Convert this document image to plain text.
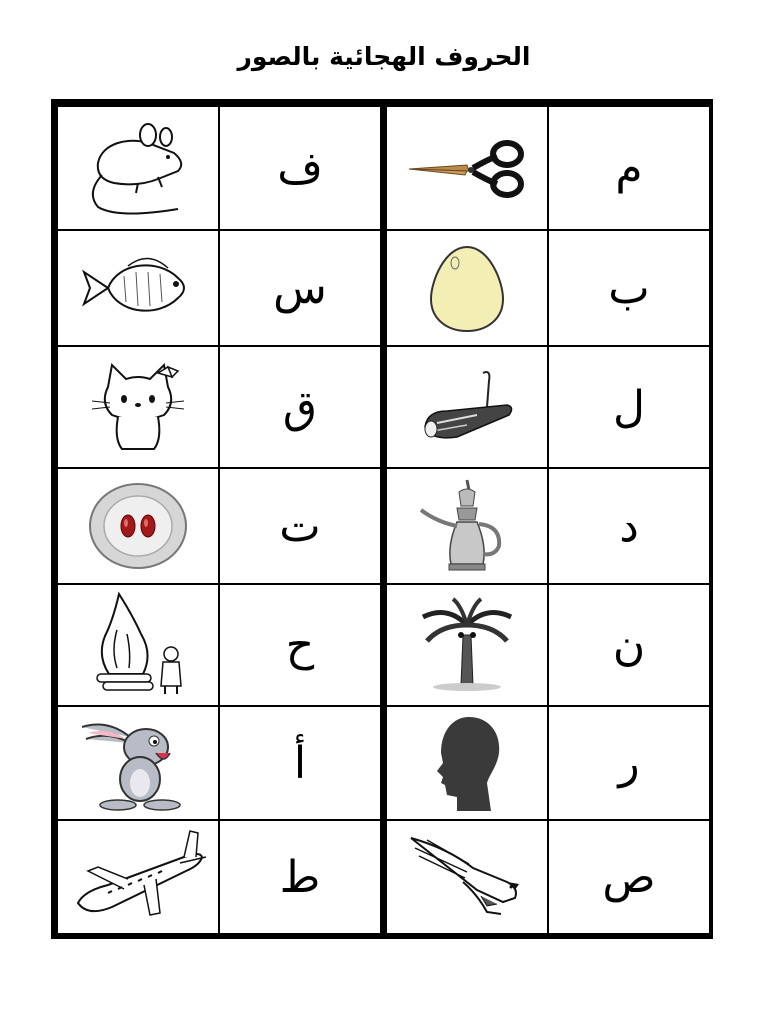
الحروف الهجائية بالصور
م
ب
ل
د
ن
ر
ص
ف
س
ق
ت
ح
أ
ط
